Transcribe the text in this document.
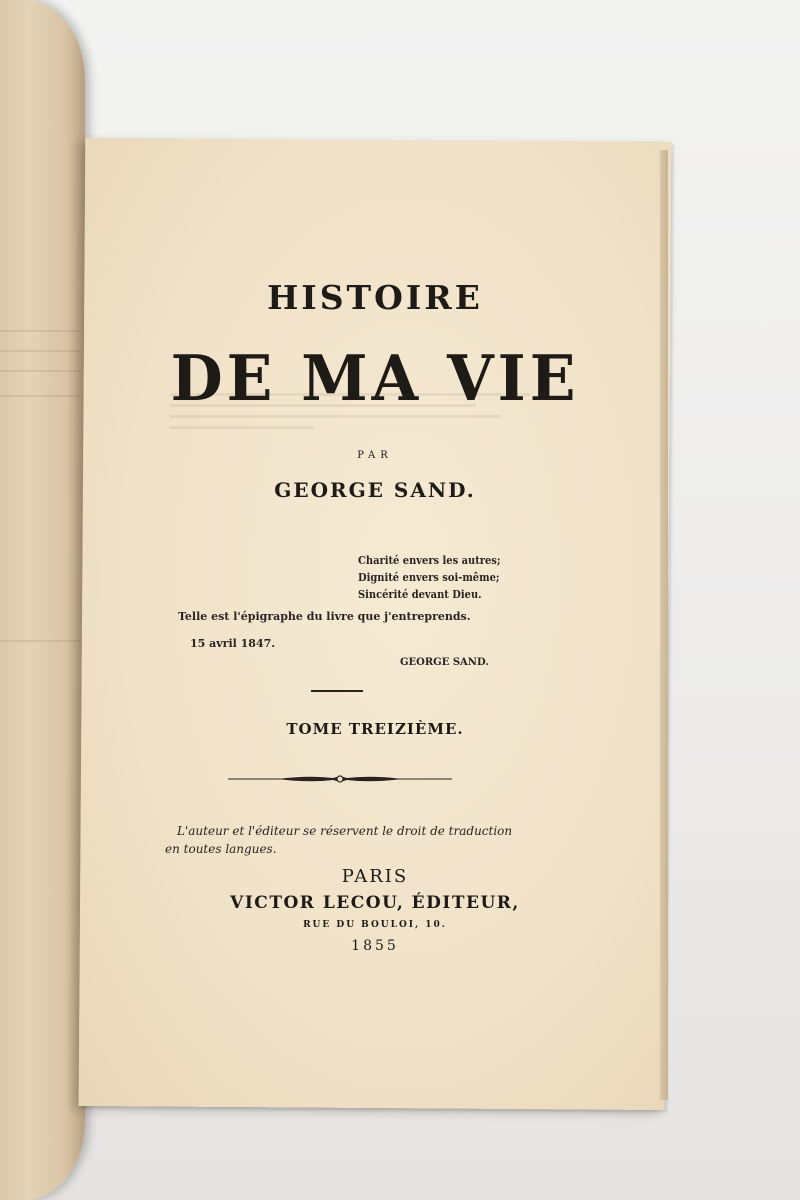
HISTOIRE
DE MA VIE
PAR
GEORGE SAND.
Charité envers les autres;
Dignité envers soi-même;
Sincérité devant Dieu.
Telle est l'épigraphe du livre que j'entreprends.
15 avril 1847.
GEORGE SAND.
TOME TREIZIÈME.
L'auteur et l'éditeur se réservent le droit de traduction en toutes langues.
PARIS
VICTOR LECOU, ÉDITEUR,
RUE DU BOULOI, 10.
1855
